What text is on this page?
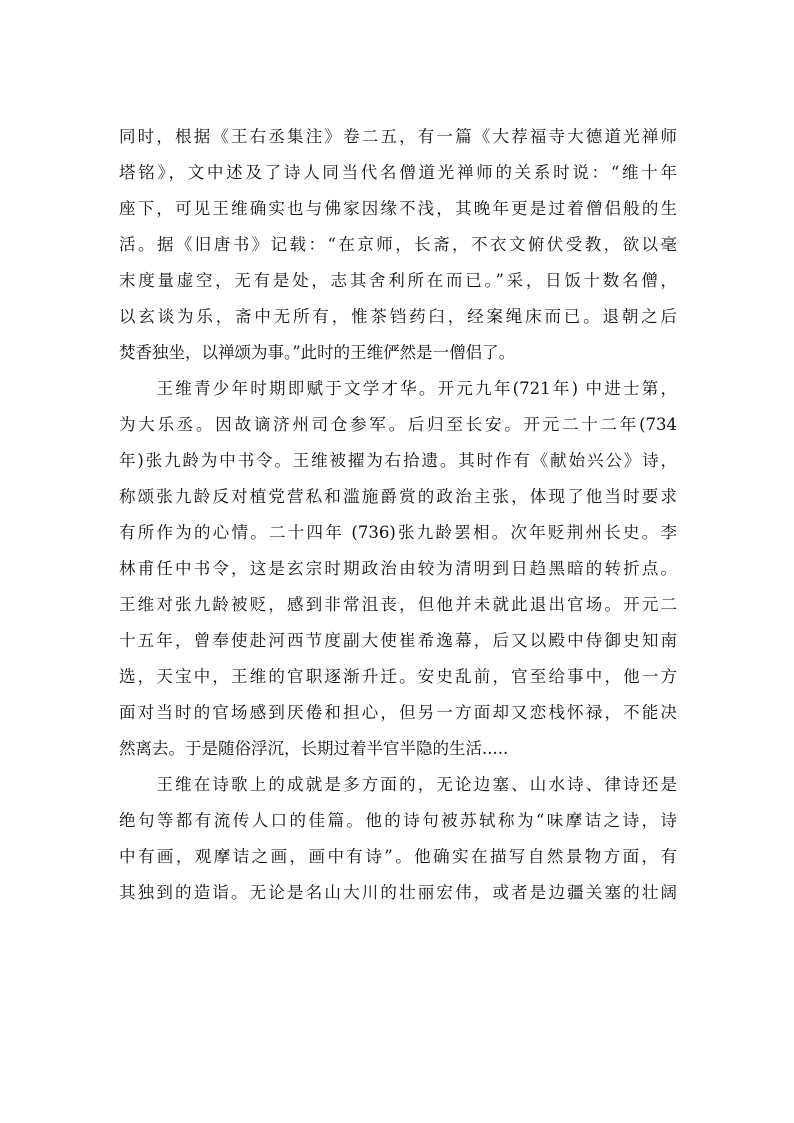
同时，根据《王右丞集注》卷二五，有一篇《大荐福寺大德道光禅师
塔铭》，文中述及了诗人同当代名僧道光禅师的关系时说：“维十年
座下，可见王维确实也与佛家因缘不浅，其晚年更是过着僧侣般的生
活。据《旧唐书》记载：“在京师，长斋，不衣文俯伏受教，欲以毫
末度量虚空，无有是处，志其舍利所在而已。”采，日饭十数名僧，
以玄谈为乐，斋中无所有，惟茶铛药臼，经案绳床而已。退朝之后
焚香独坐，以禅颂为事。”此时的王维俨然是一僧侣了。
　　王维青少年时期即赋于文学才华。开元九年(721年) 中进士第，
为大乐丞。因故谪济州司仓参军。后归至长安。开元二十二年(734
年)张九龄为中书令。王维被擢为右拾遗。其时作有《献始兴公》诗，
称颂张九龄反对植党营私和滥施爵赏的政治主张，体现了他当时要求
有所作为的心情。二十四年 (736)张九龄罢相。次年贬荆州长史。李
林甫任中书令，这是玄宗时期政治由较为清明到日趋黑暗的转折点。
王维对张九龄被贬，感到非常沮丧，但他并未就此退出官场。开元二
十五年，曾奉使赴河西节度副大使崔希逸幕，后又以殿中侍御史知南
选，天宝中，王维的官职逐渐升迁。安史乱前，官至给事中，他一方
面对当时的官场感到厌倦和担心，但另一方面却又恋栈怀禄，不能决
然离去。于是随俗浮沉，长期过着半官半隐的生活.....
　　王维在诗歌上的成就是多方面的，无论边塞、山水诗、律诗还是
绝句等都有流传人口的佳篇。他的诗句被苏轼称为“味摩诘之诗，诗
中有画，观摩诘之画，画中有诗”。他确实在描写自然景物方面，有
其独到的造诣。无论是名山大川的壮丽宏伟，或者是边疆关塞的壮阔
